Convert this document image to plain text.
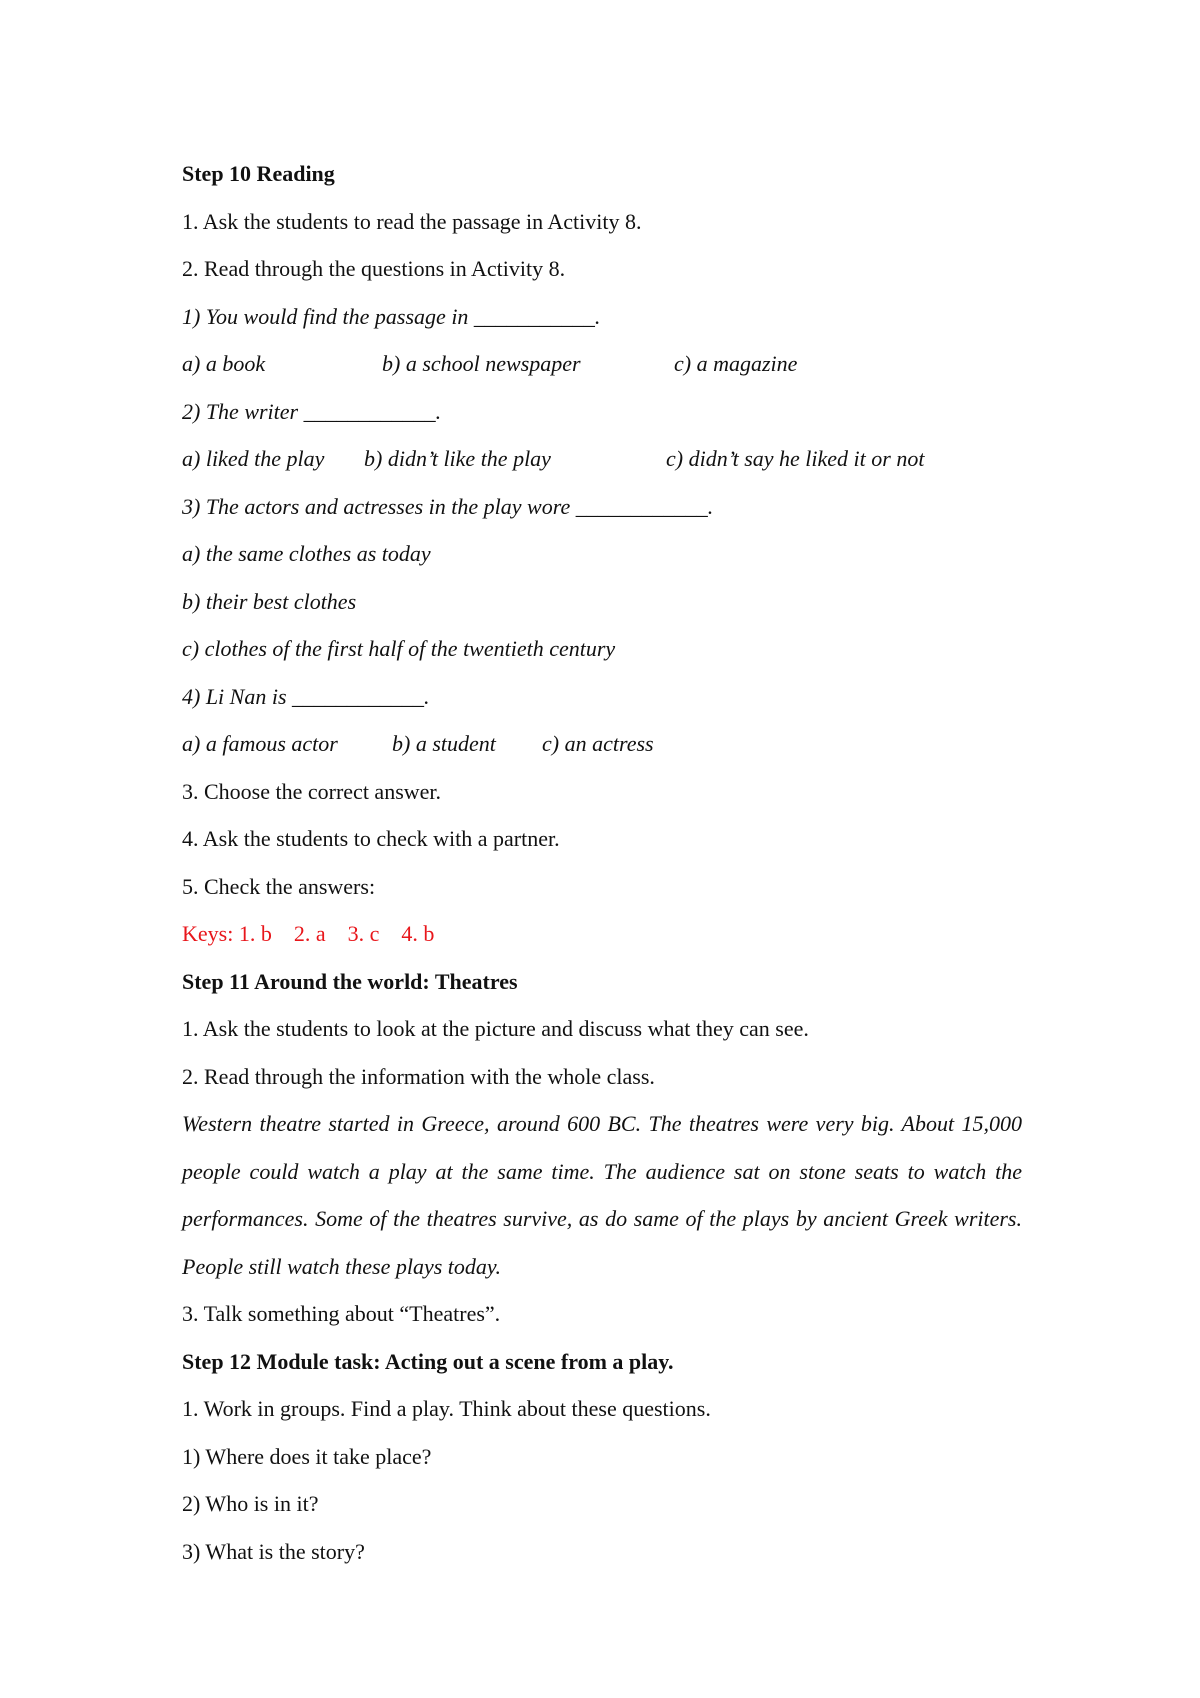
Step 10 Reading
1. Ask the students to read the passage in Activity 8.
2. Read through the questions in Activity 8.
1) You would find the passage in ___________.
a) a book	b) a school newspaper	c) a magazine
2) The writer ____________.
a) liked the play b) didn’t like the play	c) didn’t say he liked it or not
3) The actors and actresses in the play wore ____________.
a) the same clothes as today
b) their best clothes
c) clothes of the first half of the twentieth century
4) Li Nan is ____________.
a) a famous actor b) a student c) an actress
3. Choose the correct answer.
4. Ask the students to check with a partner.
5. Check the answers:
Keys: 1. b    2. a    3. c    4. b
Step 11 Around the world: Theatres
1. Ask the students to look at the picture and discuss what they can see.
2. Read through the information with the whole class.
Western theatre started in Greece, around 600 BC. The theatres were very big. About 15,000 people could watch a play at the same time. The audience sat on stone seats to watch the performances. Some of the theatres survive, as do same of the plays by ancient Greek writers. People still watch these plays today.
3. Talk something about “Theatres”.
Step 12 Module task: Acting out a scene from a play.
1. Work in groups. Find a play. Think about these questions.
1) Where does it take place?
2) Who is in it?
3) What is the story?
